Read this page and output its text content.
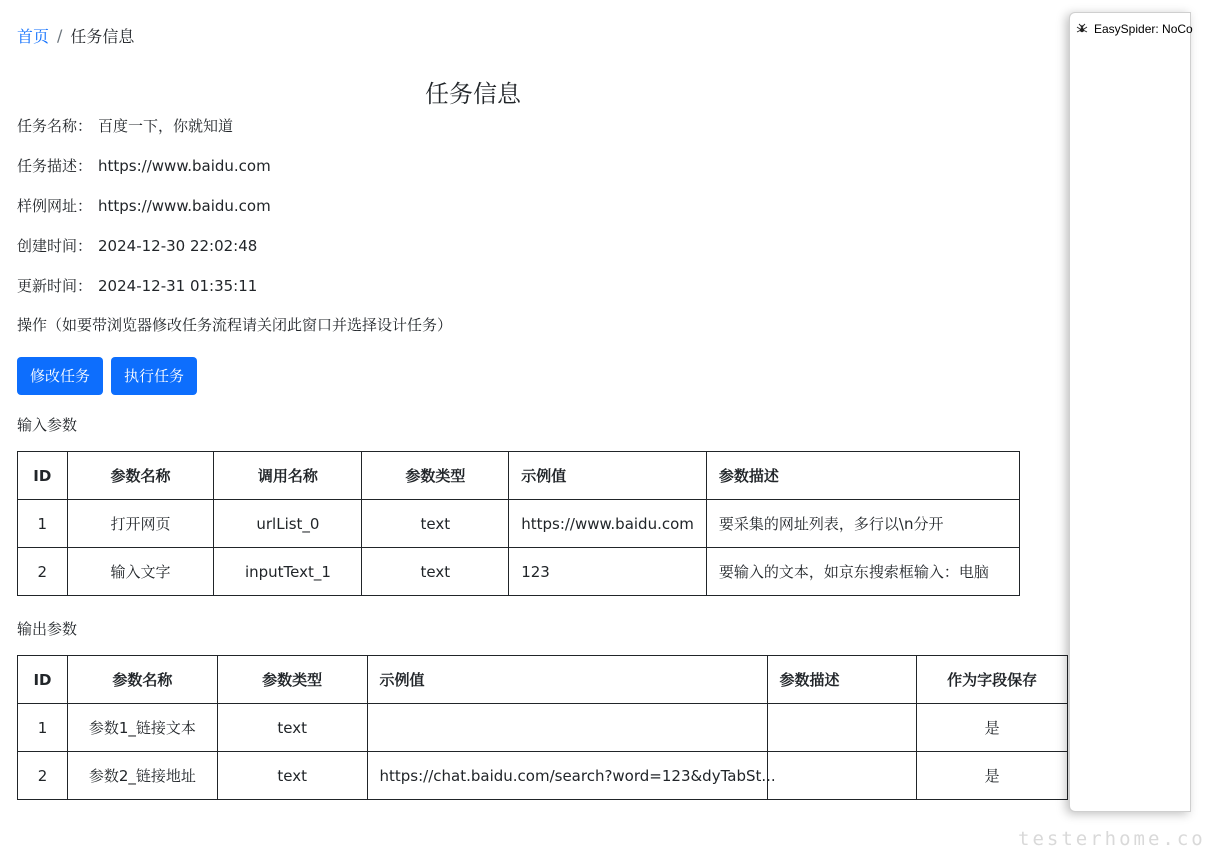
首页 / 任务信息
任务信息
任务名称： 百度一下，你就知道
任务描述： https://www.baidu.com
样例网址： https://www.baidu.com
创建时间： 2024-12-30 22:02:48
更新时间： 2024-12-31 01:35:11
操作（如要带浏览器修改任务流程请关闭此窗口并选择设计任务）
修改任务	执行任务
输入参数
ID	参数名称	调用名称	参数类型	示例值	参数描述
1	打开网页	urlList_0	text	https://www.baidu.com	要采集的网址列表，多行以\n分开
2	输入文字	inputText_1	text	123	要输入的文本，如京东搜索框输入：电脑
输出参数
ID	参数名称	参数类型	示例值	参数描述	作为字段保存
1	参数1_链接文本	text			是
2	参数2_链接地址	text	https://chat.baidu.com/search?word=123&dyTabSt...		是
EasySpider: NoCo
testerhome.co
